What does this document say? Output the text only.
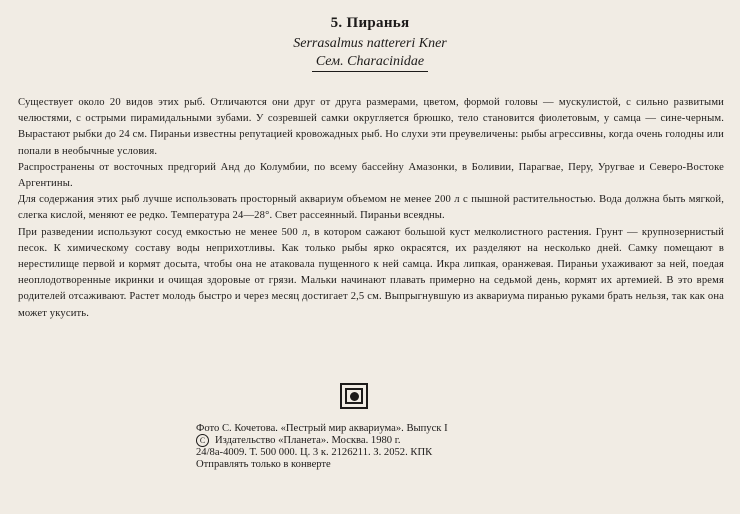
5. Пиранья
Serrasalmus nattereri Kner
Сем. Characinidae

Существует около 20 видов этих рыб. Отличаются они друг от друга размерами, цветом, формой головы — мускулистой, с сильно развитыми челюстями, с острыми пирамидальными зубами. У созревшей самки округляется брюшко, тело становится фиолетовым, у самца — сине-черным. Вырастают рыбки до 24 см. Пираньи известны репутацией кровожадных рыб. Но слухи эти преувеличены: рыбы агрессивны, когда очень голодны или попали в необычные условия.

Распространены от восточных предгорий Анд до Колумбии, по всему бассейну Амазонки, в Боливии, Парагвае, Перу, Уругвае и Северо-Востоке Аргентины.

Для содержания этих рыб лучше использовать просторный аквариум объемом не менее 200 л с пышной растительностью. Вода должна быть мягкой, слегка кислой, меняют ее редко. Температура 24—28°. Свет рассеянный. Пираньи всеядны.

При разведении используют сосуд емкостью не менее 500 л, в котором сажают большой куст мелколистного растения. Грунт — крупнозернистый песок. К химическому составу воды неприхотливы. Как только рыбы ярко окрасятся, их разделяют на несколько дней. Самку помещают в нерестилище первой и кормят досыта, чтобы она не атаковала пущенного к ней самца. Икра липкая, оранжевая. Пираньи ухаживают за ней, поедая неоплодотворенные икринки и очищая здоровые от грязи. Мальки начинают плавать примерно на седьмой день, кормят их артемией. В это время родителей отсаживают. Растет молодь быстро и через месяц достигает 2,5 см. Выпрыгнувшую из аквариума пиранью руками брать нельзя, так как она может укусить.

Фото С. Кочетова. «Пестрый мир аквариума». Выпуск I
C Издательство «Планета». Москва. 1980 г.
24/8а-4009. Т. 500 000. Ц. 3 к. 2126211. З. 2052. КПК
Отправлять только в конверте
